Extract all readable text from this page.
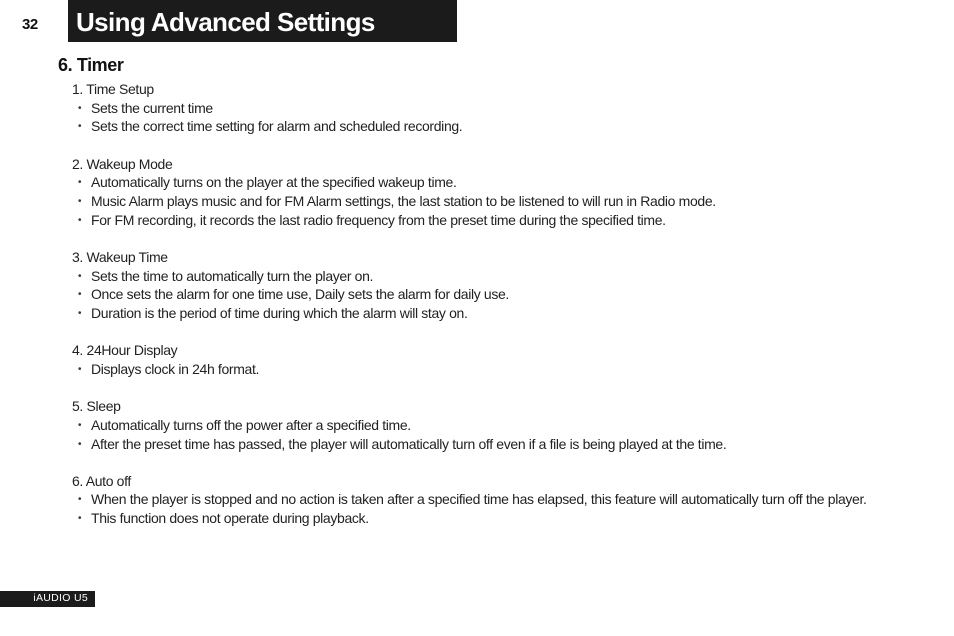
32 Using Advanced Settings
6. Timer
1. Time Setup
• Sets the current time
• Sets the correct time setting for alarm and scheduled recording.
2. Wakeup Mode
• Automatically turns on the player at the specified wakeup time.
• Music Alarm plays music and for FM Alarm settings, the last station to be listened to will run in Radio mode.
• For FM recording, it records the last radio frequency from the preset time during the specified time.
3. Wakeup Time
• Sets the time to automatically turn the player on.
• Once sets the alarm for one time use, Daily sets the alarm for daily use.
• Duration is the period of time during which the alarm will stay on.
4. 24Hour Display
• Displays clock in 24h format.
5. Sleep
• Automatically turns off the power after a specified time.
• After the preset time has passed, the player will automatically turn off even if a file is being played at the time.
6. Auto off
• When the player is stopped and no action is taken after a specified time has elapsed, this feature will automatically turn off the player.
• This function does not operate during playback.
iAUDIO U5
